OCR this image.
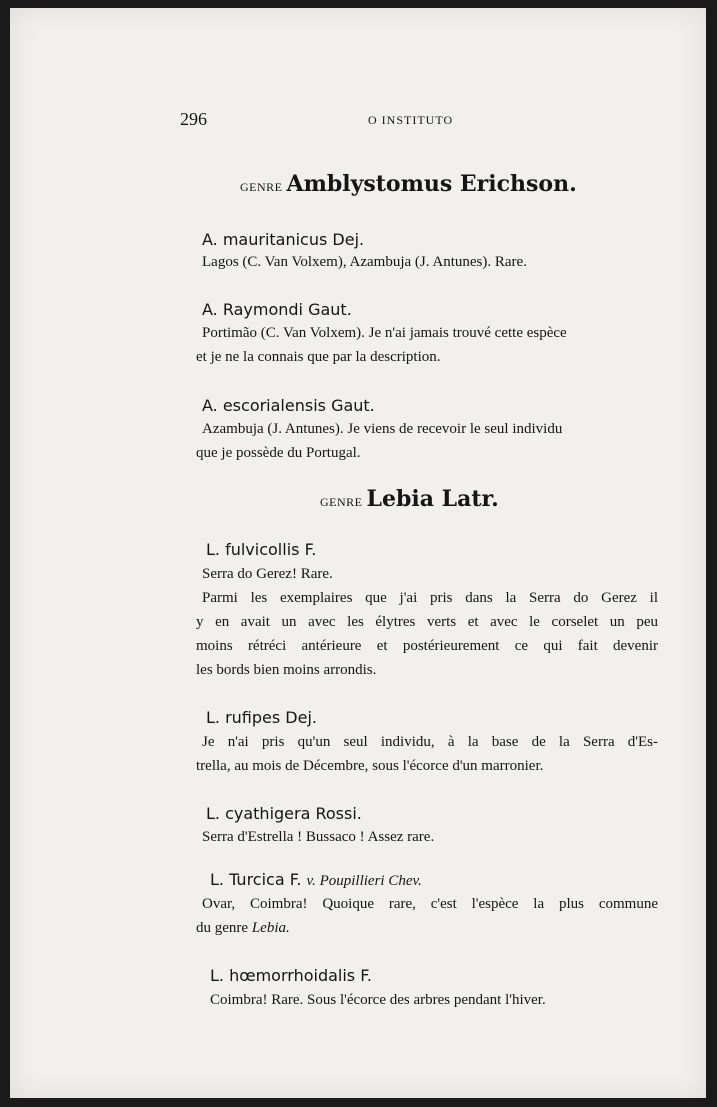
296	O INSTITUTO
GENRE Amblystomus Erichson.
A. mauritanicus Dej.
Lagos (C. Van Volxem), Azambuja (J. Antunes). Rare.
A. Raymondi Gaut.
Portimão (C. Van Volxem). Je n'ai jamais trouvé cette espèce
et je ne la connais que par la description.
A. escorialensis Gaut.
Azambuja (J. Antunes). Je viens de recevoir le seul individu
que je possède du Portugal.
GENRE Lebia Latr.
L. fulvicollis F.
Serra do Gerez! Rare.
Parmi les exemplaires que j'ai pris dans la Serra do Gerez il
y en avait un avec les élytres verts et avec le corselet un peu
moins rétréci antérieure et postérieurement ce qui fait devenir
les bords bien moins arrondis.
L. rufipes Dej.
Je n'ai pris qu'un seul individu, à la base de la Serra d'Es-
trella, au mois de Décembre, sous l'écorce d'un marronier.
L. cyathigera Rossi.
Serra d'Estrella ! Bussaco ! Assez rare.
L. Turcica F. v. Poupillieri Chev.
Ovar, Coimbra! Quoique rare, c'est l'espèce la plus commune
du genre Lebia.
L. hœmorrhoidalis F.
Coimbra! Rare. Sous l'écorce des arbres pendant l'hiver.
